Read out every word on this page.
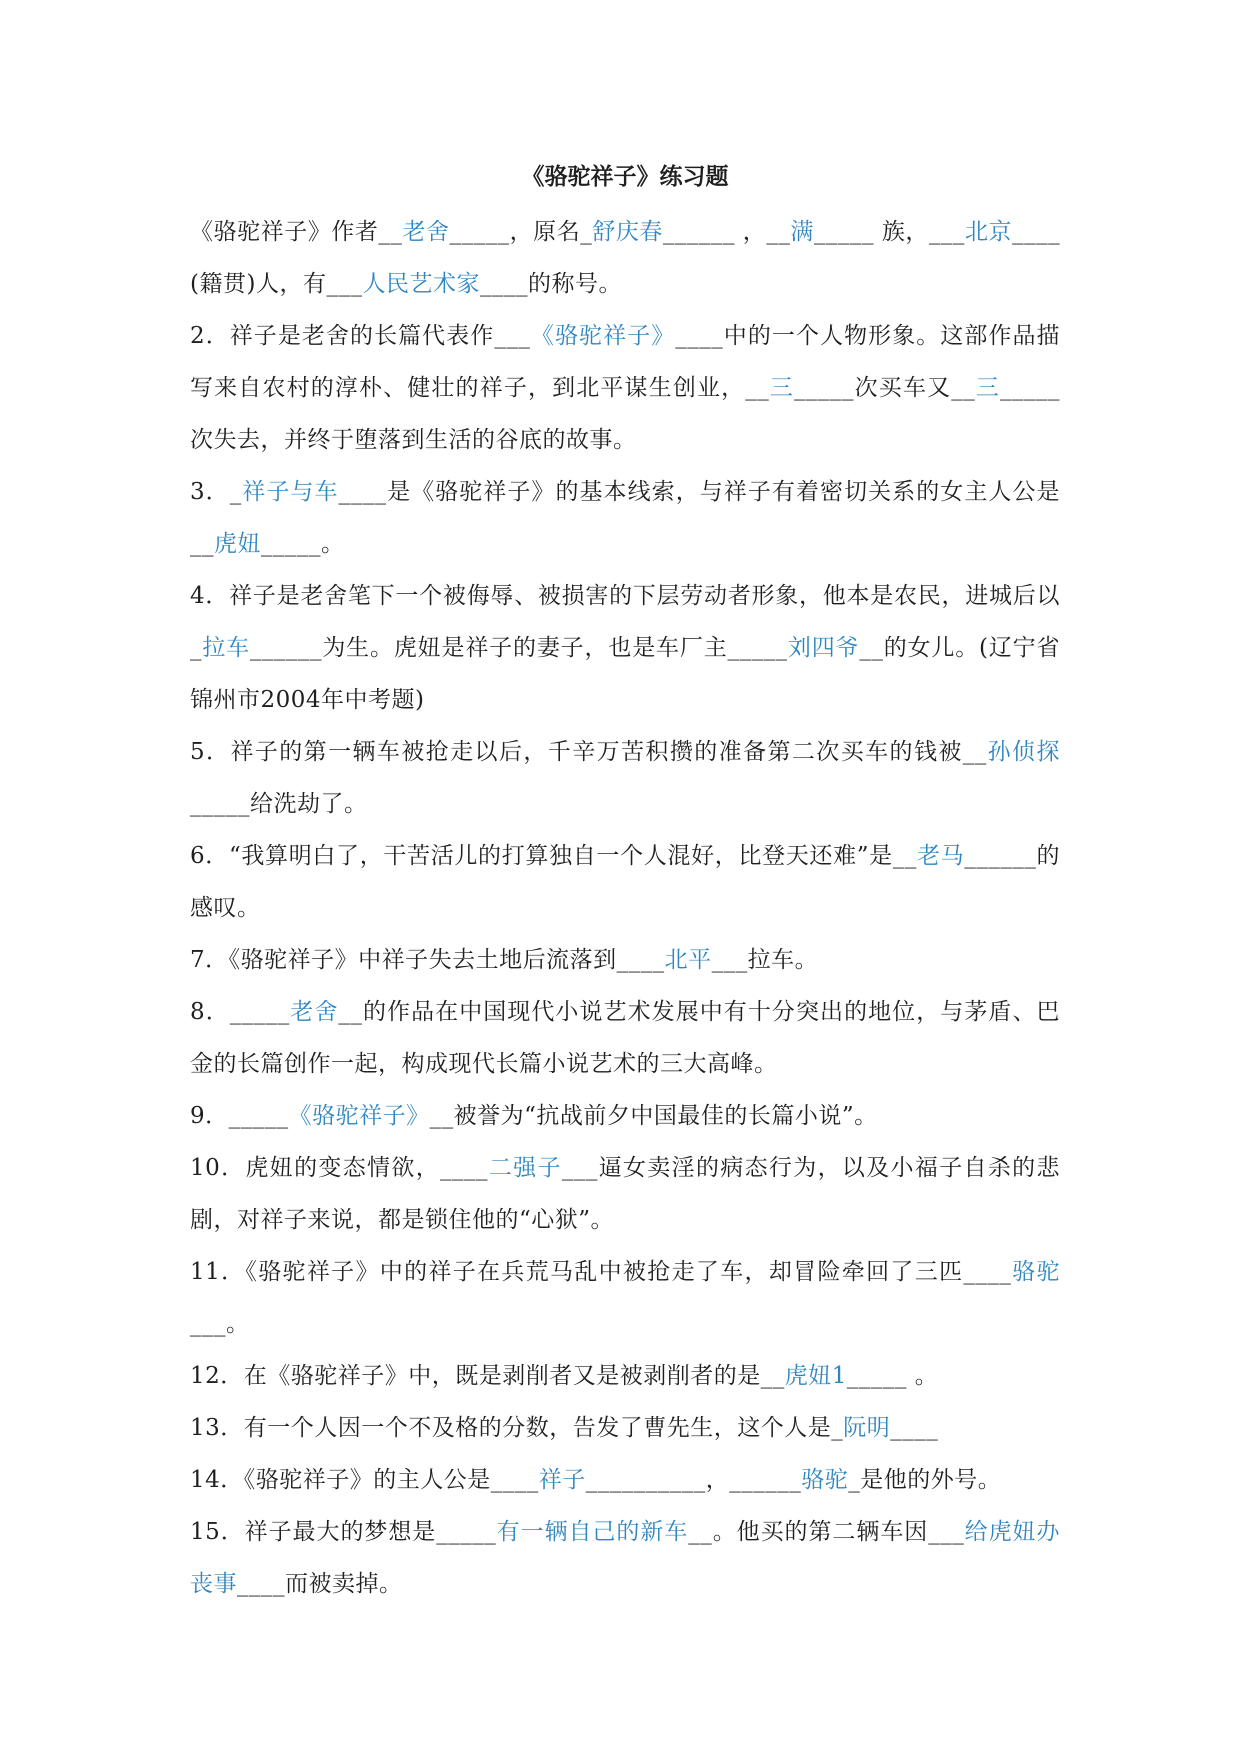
《骆驼祥子》练习题

《骆驼祥子》作者__老舍_____，原名_舒庆春______ ，__满_____ 族，___北京____ (籍贯)人，有___人民艺术家____的称号。

2．祥子是老舍的长篇代表作___《骆驼祥子》____中的一个人物形象。这部作品描写来自农村的淳朴、健壮的祥子，到北平谋生创业，__三_____次买车又__三_____次失去，并终于堕落到生活的谷底的故事。

3．_祥子与车____是《骆驼祥子》的基本线索，与祥子有着密切关系的女主人公是__虎妞_____。

4．祥子是老舍笔下一个被侮辱、被损害的下层劳动者形象，他本是农民，进城后以_拉车______为生。虎妞是祥子的妻子，也是车厂主_____刘四爷__的女儿。(辽宁省锦州市2004年中考题)

5．祥子的第一辆车被抢走以后，千辛万苦积攒的准备第二次买车的钱被__孙侦探_____给洗劫了。

6．“我算明白了，干苦活儿的打算独自一个人混好，比登天还难”是__老马______的感叹。

7．《骆驼祥子》中祥子失去土地后流落到____北平___拉车。

8．_____老舍__的作品在中国现代小说艺术发展中有十分突出的地位，与茅盾、巴金的长篇创作一起，构成现代长篇小说艺术的三大高峰。

9．_____《骆驼祥子》__被誉为“抗战前夕中国最佳的长篇小说”。

10．虎妞的变态情欲，____二强子___逼女卖淫的病态行为，以及小福子自杀的悲剧，对祥子来说，都是锁住他的“心狱”。

11．《骆驼祥子》中的祥子在兵荒马乱中被抢走了车，却冒险牵回了三匹____骆驼___。

12．在《骆驼祥子》中，既是剥削者又是被剥削者的是__虎妞1_____ 。

13．有一个人因一个不及格的分数，告发了曹先生，这个人是_阮明____

14．《骆驼祥子》的主人公是____祥子__________，______骆驼_是他的外号。

15．祥子最大的梦想是_____有一辆自己的新车__。他买的第二辆车因___给虎妞办丧事____而被卖掉。
